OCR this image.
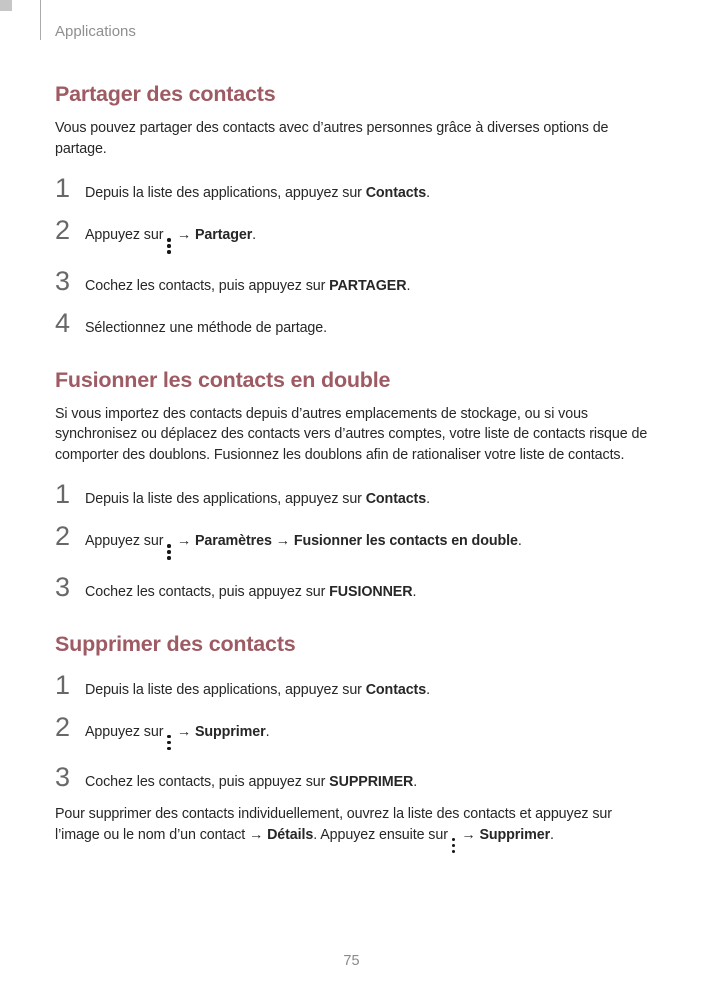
Applications
Partager des contacts

Vous pouvez partager des contacts avec d’autres personnes grâce à diverses options de partage.

1	Depuis la liste des applications, appuyez sur Contacts.
2	Appuyez sur → Partager.
3	Cochez les contacts, puis appuyez sur PARTAGER.
4	Sélectionnez une méthode de partage.
Fusionner les contacts en double

Si vous importez des contacts depuis d’autres emplacements de stockage, ou si vous synchronisez ou déplacez des contacts vers d’autres comptes, votre liste de contacts risque de comporter des doublons. Fusionnez les doublons afin de rationaliser votre liste de contacts.

1	Depuis la liste des applications, appuyez sur Contacts.
2	Appuyez sur → Paramètres → Fusionner les contacts en double.
3	Cochez les contacts, puis appuyez sur FUSIONNER.
Supprimer des contacts
1	Depuis la liste des applications, appuyez sur Contacts.
2	Appuyez sur → Supprimer.
3	Cochez les contacts, puis appuyez sur SUPPRIMER.

Pour supprimer des contacts individuellement, ouvrez la liste des contacts et appuyez sur l’image ou le nom d’un contact → Détails. Appuyez ensuite sur → Supprimer.

75
